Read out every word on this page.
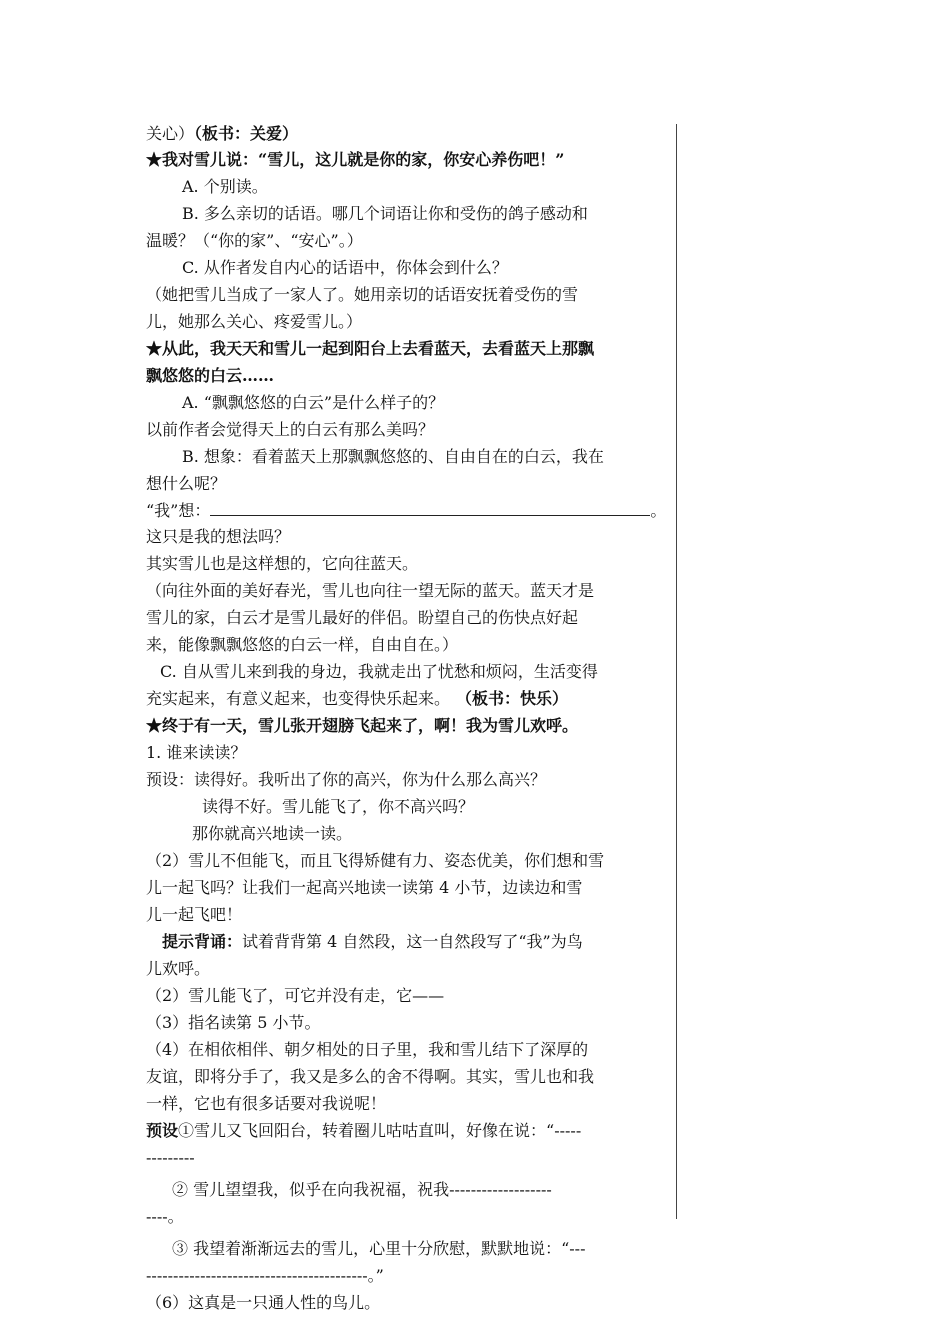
关心）（板书：关爱）
★我对雪儿说：“雪儿，这儿就是你的家，你安心养伤吧！”
A. 个别读。
B. 多么亲切的话语。哪几个词语让你和受伤的鸽子感动和
温暖？（“你的家”、“安心”。）
C. 从作者发自内心的话语中，你体会到什么？
（她把雪儿当成了一家人了。她用亲切的话语安抚着受伤的雪
儿，她那么关心、疼爱雪儿。）
★从此，我天天和雪儿一起到阳台上去看蓝天，去看蓝天上那飘
飘悠悠的白云……
A. “飘飘悠悠的白云”是什么样子的？
以前作者会觉得天上的白云有那么美吗？
B. 想象：看着蓝天上那飘飘悠悠的、自由自在的白云，我在
想什么呢？
“我”想：	。
这只是我的想法吗？
其实雪儿也是这样想的，它向往蓝天。
（向往外面的美好春光，雪儿也向往一望无际的蓝天。蓝天才是
雪儿的家，白云才是雪儿最好的伴侣。盼望自己的伤快点好起
来，能像飘飘悠悠的白云一样，自由自在。）
C. 自从雪儿来到我的身边，我就走出了忧愁和烦闷，生活变得
充实起来，有意义起来，也变得快乐起来。 （板书：快乐）
★终于有一天，雪儿张开翅膀飞起来了，啊！我为雪儿欢呼。
1. 谁来读读？
预设：读得好。我听出了你的高兴，你为什么那么高兴？
读得不好。雪儿能飞了，你不高兴吗？
那你就高兴地读一读。
（2）雪儿不但能飞，而且飞得矫健有力、姿态优美，你们想和雪
儿一起飞吗？让我们一起高兴地读一读第 4 小节，边读边和雪
儿一起飞吧！
提示背诵：试着背背第 4 自然段，这一自然段写了“我”为鸟
儿欢呼。
（2）雪儿能飞了，可它并没有走，它——
（3）指名读第 5 小节。
（4）在相依相伴、朝夕相处的日子里，我和雪儿结下了深厚的
友谊，即将分手了，我又是多么的舍不得啊。其实，雪儿也和我
一样，它也有很多话要对我说呢！
预设①雪儿又飞回阳台，转着圈儿咕咕直叫，好像在说：“-----
---------
② 雪儿望望我，似乎在向我祝福，祝我-------------------
----。
③ 我望着渐渐远去的雪儿，心里十分欣慰，默默地说：“---
-----------------------------------------。”
（6）这真是一只通人性的鸟儿。
